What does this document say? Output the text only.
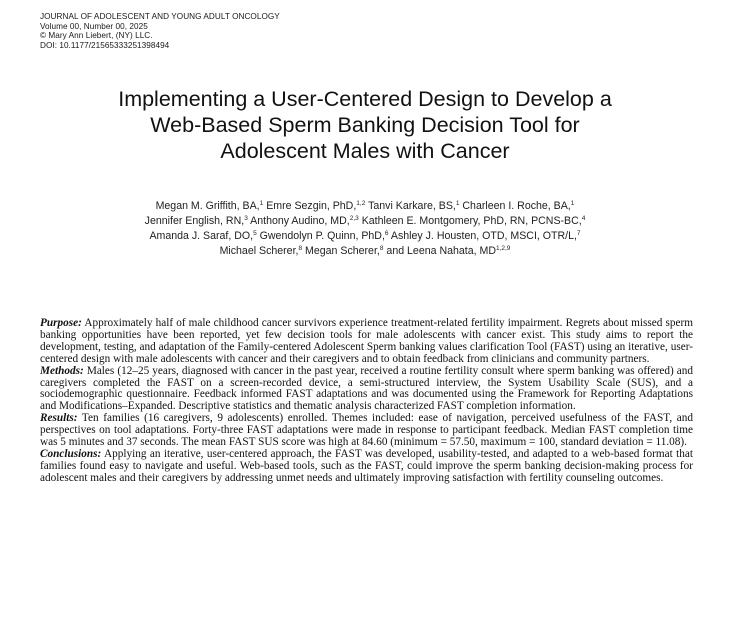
JOURNAL OF ADOLESCENT AND YOUNG ADULT ONCOLOGY
Volume 00, Number 00, 2025
© Mary Ann Liebert, (NY) LLC.
DOI: 10.1177/21565333251398494
Implementing a User-Centered Design to Develop a
Web-Based Sperm Banking Decision Tool for
Adolescent Males with Cancer
Megan M. Griffith, BA,$^1$ Emre Sezgin, PhD,$^{1,2}$ Tanvi Karkare, BS,$^1$ Charleen I. Roche, BA,$^1$
Jennifer English, RN,$^3$ Anthony Audino, MD,$^{2,3}$ Kathleen E. Montgomery, PhD, RN, PCNS-BC,$^4$
Amanda J. Saraf, DO,$^5$ Gwendolyn P. Quinn, PhD,$^6$ Ashley J. Housten, OTD, MSCI, OTR/L,$^7$
Michael Scherer,$^8$ Megan Scherer,$^8$ and Leena Nahata, MD$^{1,2,9}$

Purpose: Approximately half of male childhood cancer survivors experience treatment-related fertility impairment. Regrets about missed sperm banking opportunities have been reported, yet few decision tools for male adolescents with cancer exist. This study aims to report the development, testing, and adaptation of the Family-centered Adolescent Sperm banking values clarification Tool (FAST) using an iterative, user-centered design with male adolescents with cancer and their caregivers and to obtain feedback from clinicians and community partners.

Methods: Males (12–25 years, diagnosed with cancer in the past year, received a routine fertility consult where sperm banking was offered) and caregivers completed the FAST on a screen-recorded device, a semi-structured interview, the System Usability Scale (SUS), and a sociodemographic questionnaire. Feedback informed FAST adaptations and was documented using the Framework for Reporting Adaptations and Modifications–Expanded. Descriptive statistics and thematic analysis characterized FAST completion information.

Results: Ten families (16 caregivers, 9 adolescents) enrolled. Themes included: ease of navigation, perceived usefulness of the FAST, and perspectives on tool adaptations. Forty-three FAST adaptations were made in response to participant feedback. Median FAST completion time was 5 minutes and 37 seconds. The mean FAST SUS score was high at 84.60 (minimum = 57.50, maximum = 100, standard deviation = 11.08).

Conclusions: Applying an iterative, user-centered approach, the FAST was developed, usability-tested, and adapted to a web-based format that families found easy to navigate and useful. Web-based tools, such as the FAST, could improve the sperm banking decision-making process for adolescent males and their caregivers by addressing unmet needs and ultimately improving satisfaction with fertility counseling outcomes.
